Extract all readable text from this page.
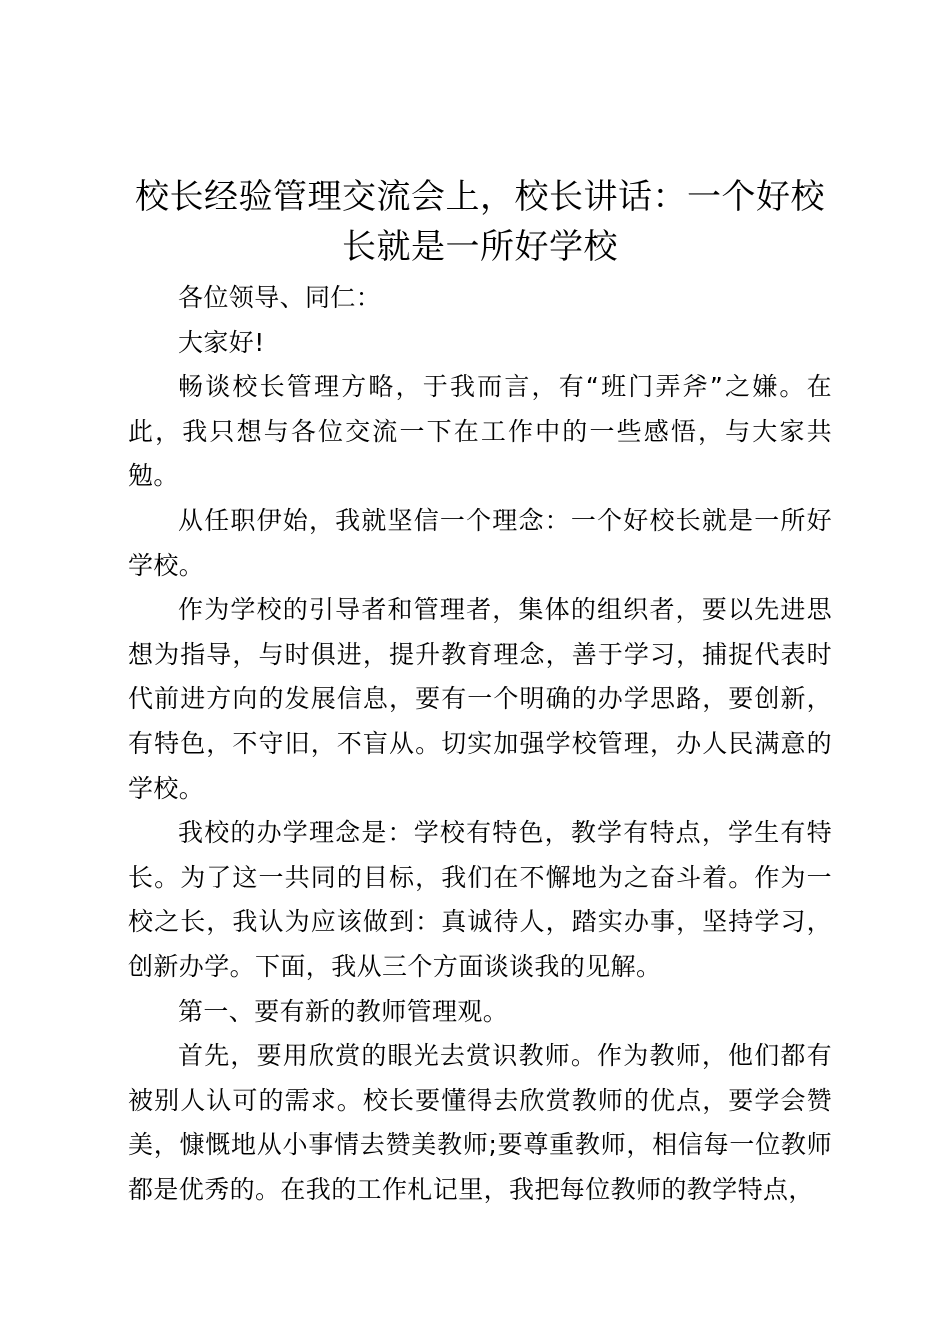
校长经验管理交流会上，校长讲话：一个好校长就是一所好学校

各位领导、同仁：

大家好!

畅谈校长管理方略，于我而言，有“班门弄斧”之嫌。在此，我只想与各位交流一下在工作中的一些感悟，与大家共勉。

从任职伊始，我就坚信一个理念：一个好校长就是一所好学校。

作为学校的引导者和管理者，集体的组织者，要以先进思想为指导，与时俱进，提升教育理念，善于学习，捕捉代表时代前进方向的发展信息，要有一个明确的办学思路，要创新，有特色，不守旧，不盲从。切实加强学校管理，办人民满意的学校。

我校的办学理念是：学校有特色，教学有特点，学生有特长。为了这一共同的目标，我们在不懈地为之奋斗着。作为一校之长，我认为应该做到：真诚待人，踏实办事，坚持学习，创新办学。下面，我从三个方面谈谈我的见解。

第一、要有新的教师管理观。

首先，要用欣赏的眼光去赏识教师。作为教师，他们都有被别人认可的需求。校长要懂得去欣赏教师的优点，要学会赞美，慷慨地从小事情去赞美教师;要尊重教师，相信每一位教师都是优秀的。在我的工作札记里，我把每位教师的教学特点，
